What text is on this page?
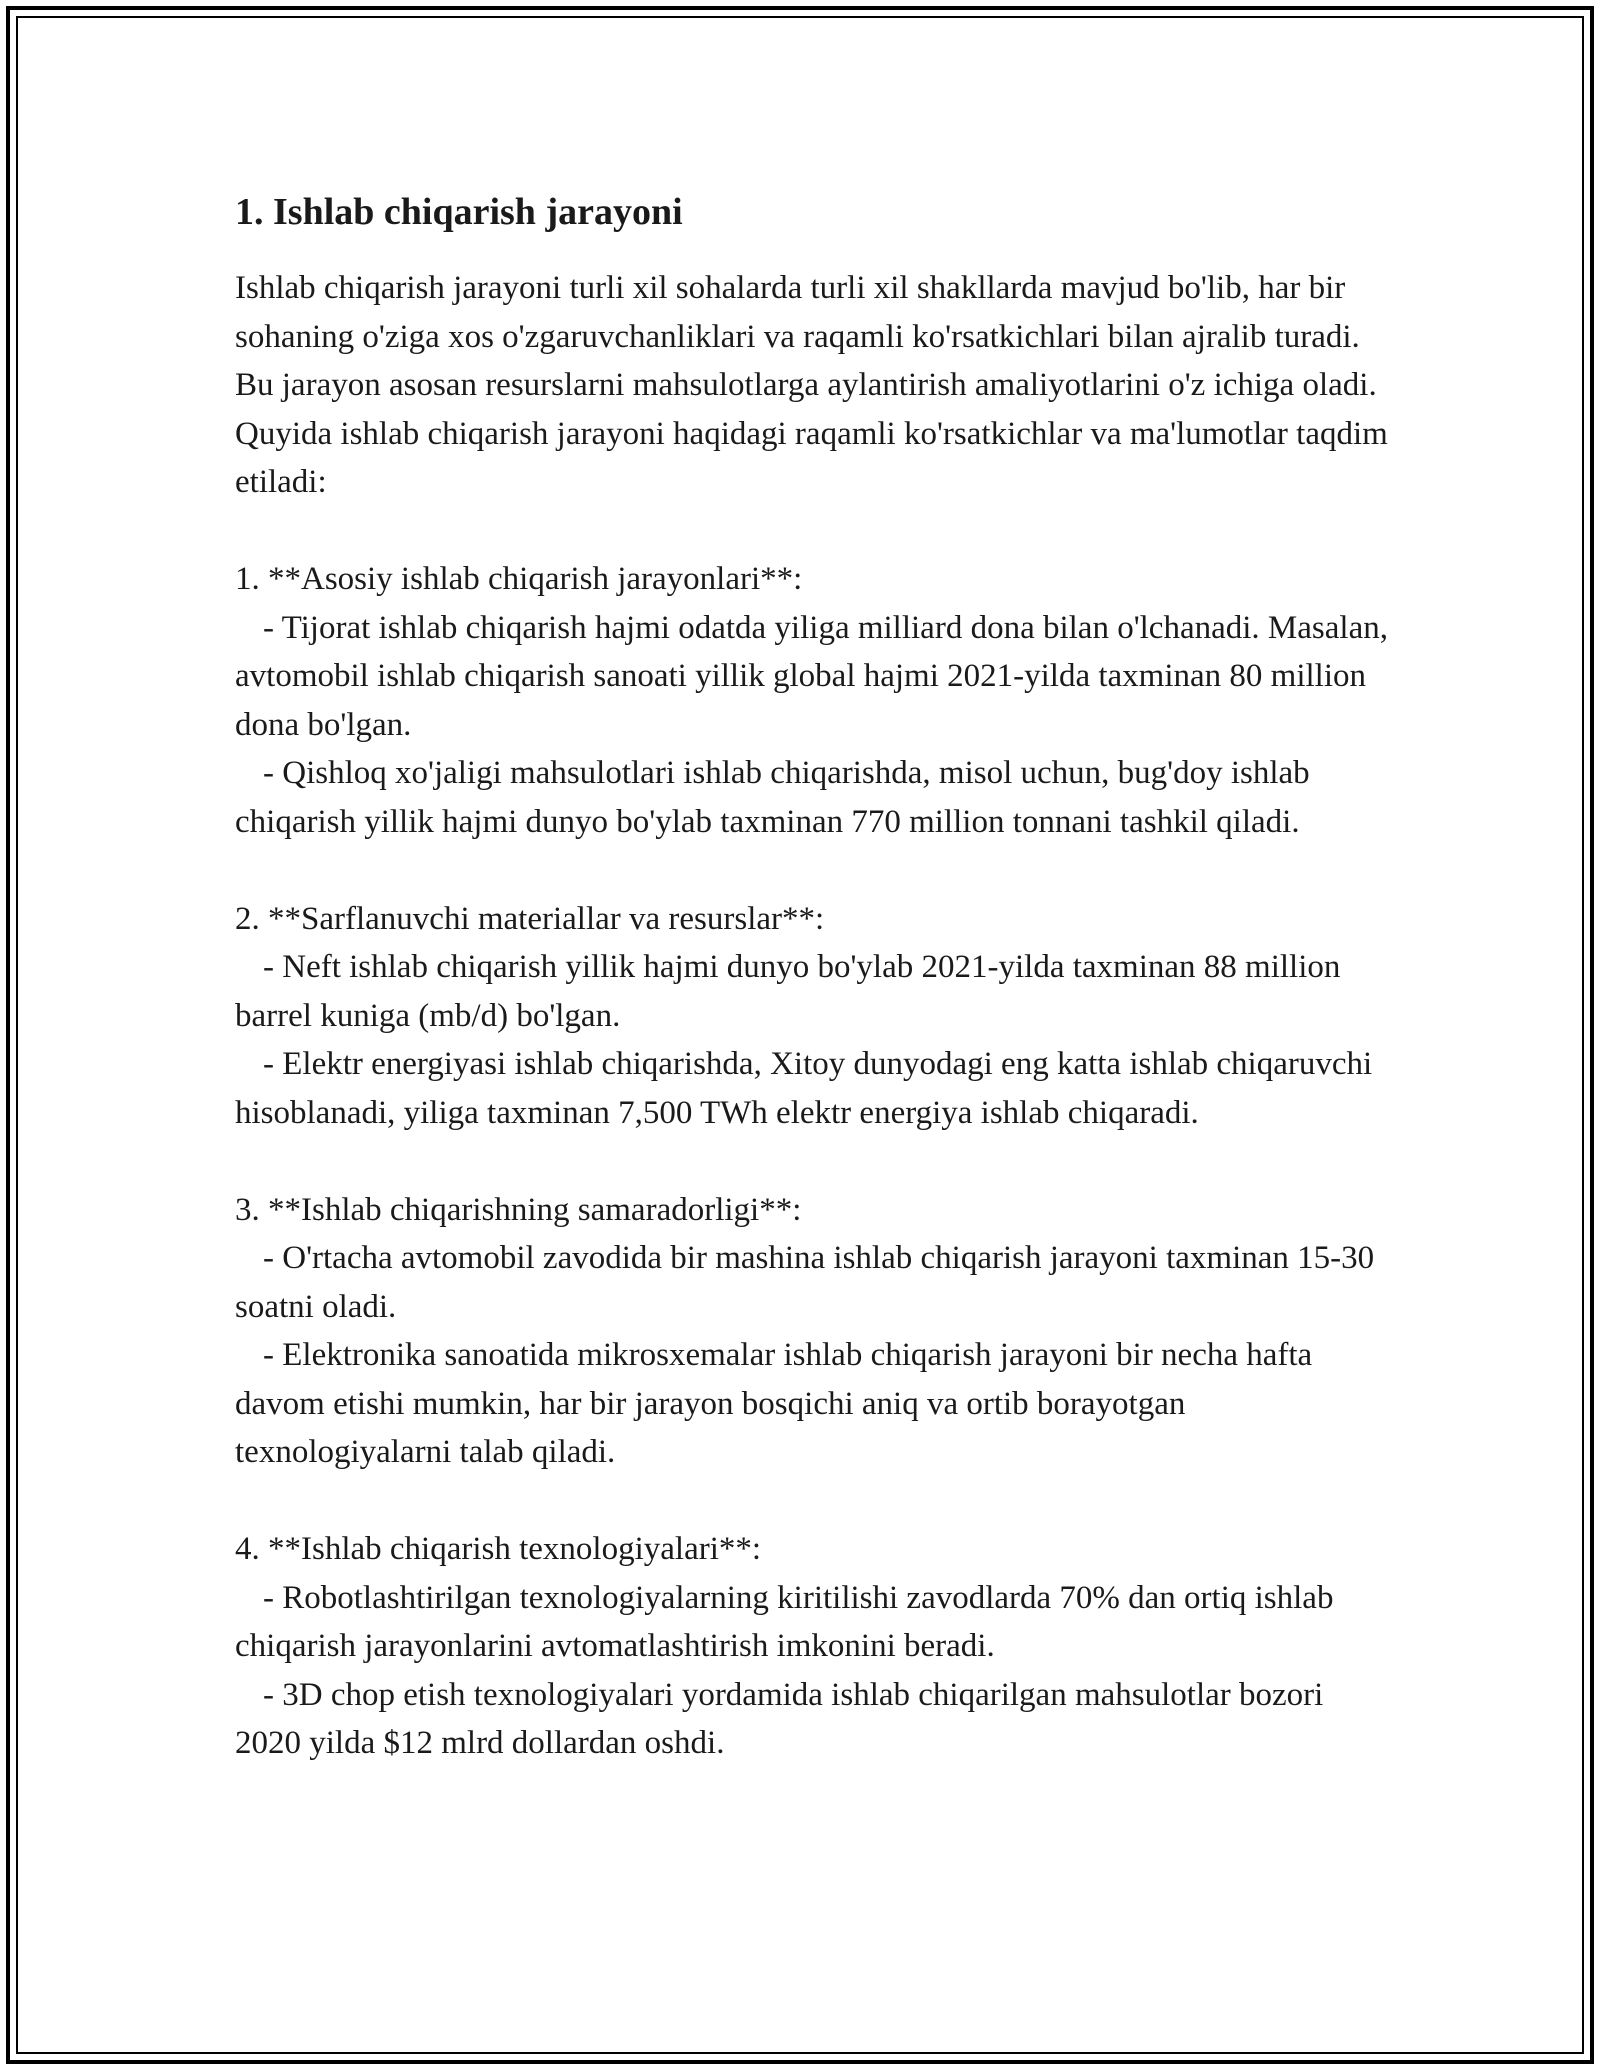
1. Ishlab chiqarish jarayoni

Ishlab chiqarish jarayoni turli xil sohalarda turli xil shakllarda mavjud bo'lib, har bir sohaning o'ziga xos o'zgaruvchanliklari va raqamli ko'rsatkichlari bilan ajralib turadi. Bu jarayon asosan resurslarni mahsulotlarga aylantirish amaliyotlarini o'z ichiga oladi. Quyida ishlab chiqarish jarayoni haqidagi raqamli ko'rsatkichlar va ma'lumotlar taqdim etiladi:

1. **Asosiy ishlab chiqarish jarayonlari**:
- Tijorat ishlab chiqarish hajmi odatda yiliga milliard dona bilan o'lchanadi. Masalan, avtomobil ishlab chiqarish sanoati yillik global hajmi 2021-yilda taxminan 80 million dona bo'lgan.
- Qishloq xo'jaligi mahsulotlari ishlab chiqarishda, misol uchun, bug'doy ishlab chiqarish yillik hajmi dunyo bo'ylab taxminan 770 million tonnani tashkil qiladi.
2. **Sarflanuvchi materiallar va resurslar**:
- Neft ishlab chiqarish yillik hajmi dunyo bo'ylab 2021-yilda taxminan 88 million barrel kuniga (mb/d) bo'lgan.
- Elektr energiyasi ishlab chiqarishda, Xitoy dunyodagi eng katta ishlab chiqaruvchi hisoblanadi, yiliga taxminan 7,500 TWh elektr energiya ishlab chiqaradi.
3. **Ishlab chiqarishning samaradorligi**:
- O'rtacha avtomobil zavodida bir mashina ishlab chiqarish jarayoni taxminan 15-30 soatni oladi.
- Elektronika sanoatida mikrosxemalar ishlab chiqarish jarayoni bir necha hafta davom etishi mumkin, har bir jarayon bosqichi aniq va ortib borayotgan texnologiyalarni talab qiladi.
4. **Ishlab chiqarish texnologiyalari**:
- Robotlashtirilgan texnologiyalarning kiritilishi zavodlarda 70% dan ortiq ishlab chiqarish jarayonlarini avtomatlashtirish imkonini beradi.
- 3D chop etish texnologiyalari yordamida ishlab chiqarilgan mahsulotlar bozori 2020 yilda $12 mlrd dollardan oshdi.
